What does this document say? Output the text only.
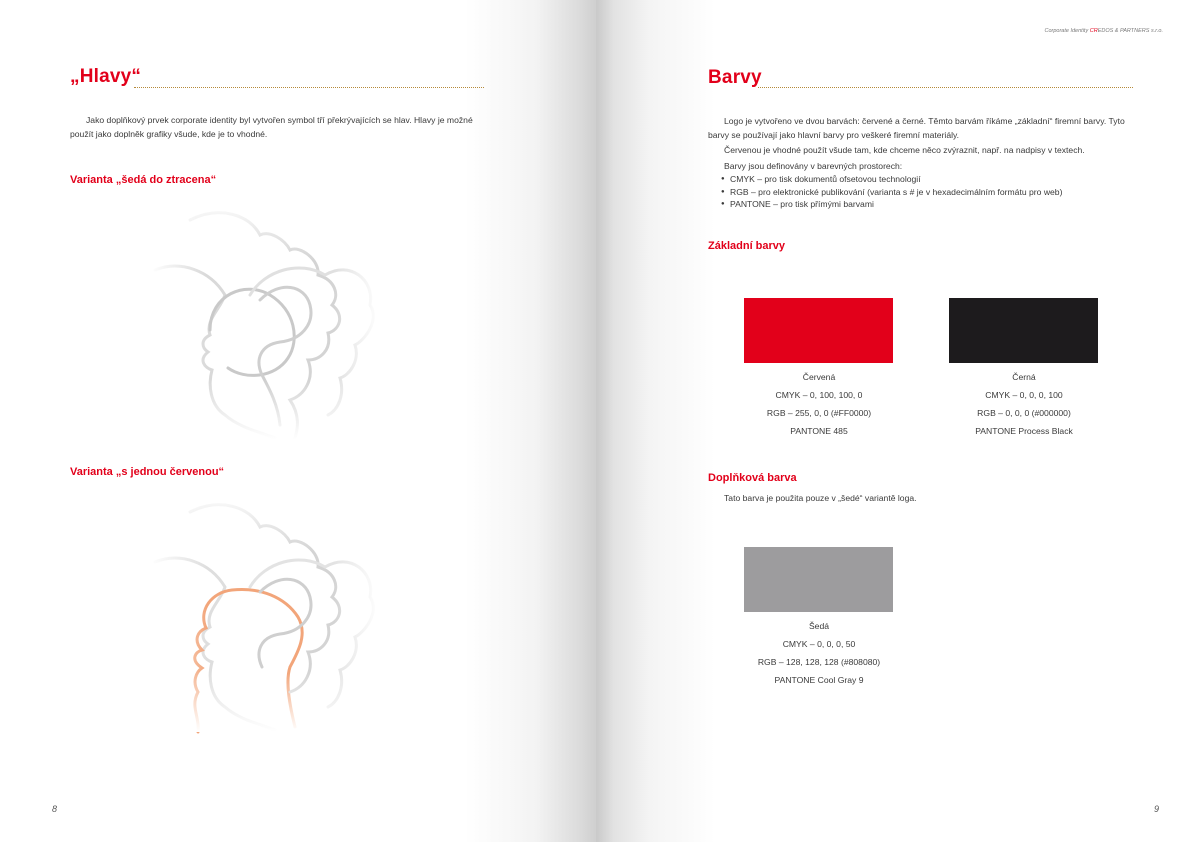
„Hlavy“
Jako doplňkový prvek corporate identity byl vytvořen symbol tří překrývajících se hlav. Hlavy je možné použít jako doplněk grafiky všude, kde je to vhodné.
Varianta „šedá do ztracena“
Varianta „s jednou červenou“
8
Corporate Identity CREDOS & PARTNERS s.r.o.
Barvy
Logo je vytvořeno ve dvou barvách: červené a černé. Těmto barvám říkáme „základní“ firemní barvy. Tyto barvy se používají jako hlavní barvy pro veškeré firemní materiály.
Červenou je vhodné použít všude tam, kde chceme něco zvýraznit, např. na nadpisy v textech.
Barvy jsou definovány v barevných prostorech:
● CMYK – pro tisk dokumentů ofsetovou technologií
● RGB – pro elektronické publikování (varianta s # je v hexadecimálním formátu pro web)
● PANTONE – pro tisk přímými barvami
Základní barvy
Červená
CMYK – 0, 100, 100, 0
RGB – 255, 0, 0 (#FF0000)
PANTONE 485
Černá
CMYK – 0, 0, 0, 100
RGB – 0, 0, 0 (#000000)
PANTONE Process Black
Doplňková barva
Tato barva je použita pouze v „šedé“ variantě loga.
Šedá
CMYK – 0, 0, 0, 50
RGB – 128, 128, 128 (#808080)
PANTONE Cool Gray 9
9
